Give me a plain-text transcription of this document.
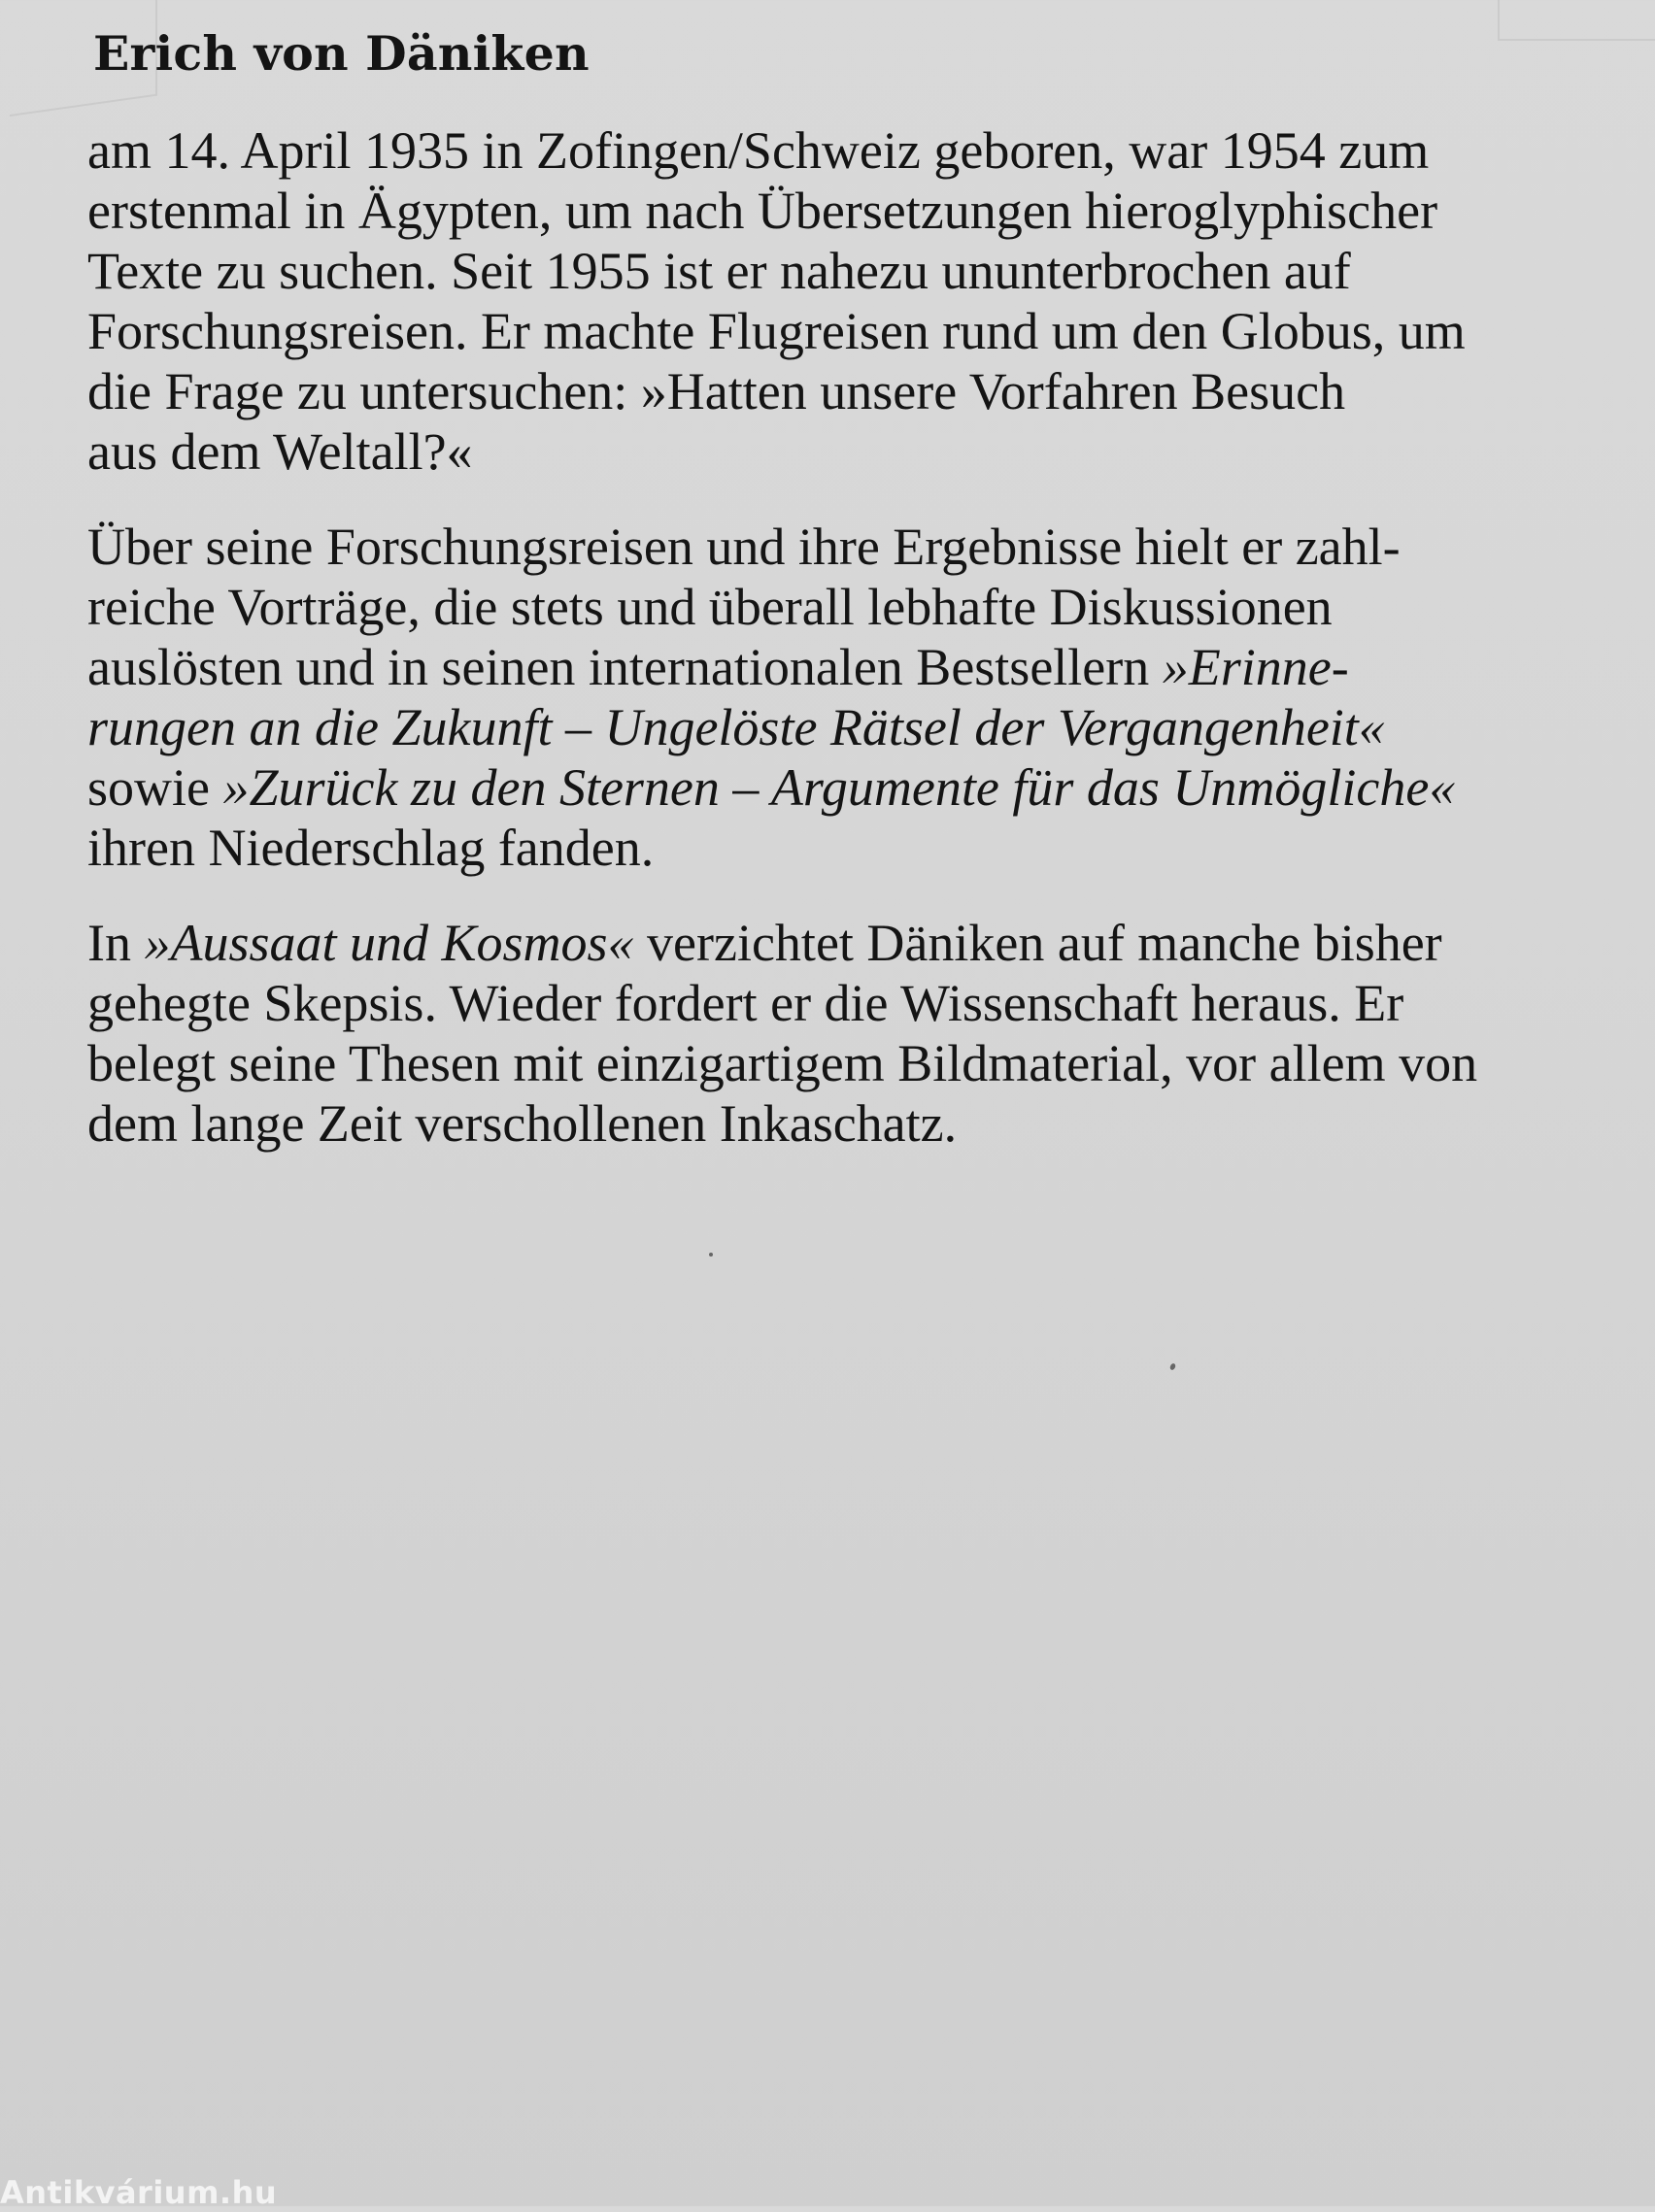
Erich von Däniken
am 14. April 1935 in Zofingen/Schweiz geboren, war 1954 zum
erstenmal in Ägypten, um nach Übersetzungen hieroglyphischer
Texte zu suchen. Seit 1955 ist er nahezu ununterbrochen auf
Forschungsreisen. Er machte Flugreisen rund um den Globus, um
die Frage zu untersuchen: »Hatten unsere Vorfahren Besuch
aus dem Weltall?«
Über seine Forschungsreisen und ihre Ergebnisse hielt er zahl-
reiche Vorträge, die stets und überall lebhafte Diskussionen
auslösten und in seinen internationalen Bestsellern »Erinne-
rungen an die Zukunft – Ungelöste Rätsel der Vergangenheit«
sowie »Zurück zu den Sternen – Argumente für das Unmögliche«
ihren Niederschlag fanden.
In »Aussaat und Kosmos« verzichtet Däniken auf manche bisher
gehegte Skepsis. Wieder fordert er die Wissenschaft heraus. Er
belegt seine Thesen mit einzigartigem Bildmaterial, vor allem von
dem lange Zeit verschollenen Inkaschatz.
Antikvárium.hu
